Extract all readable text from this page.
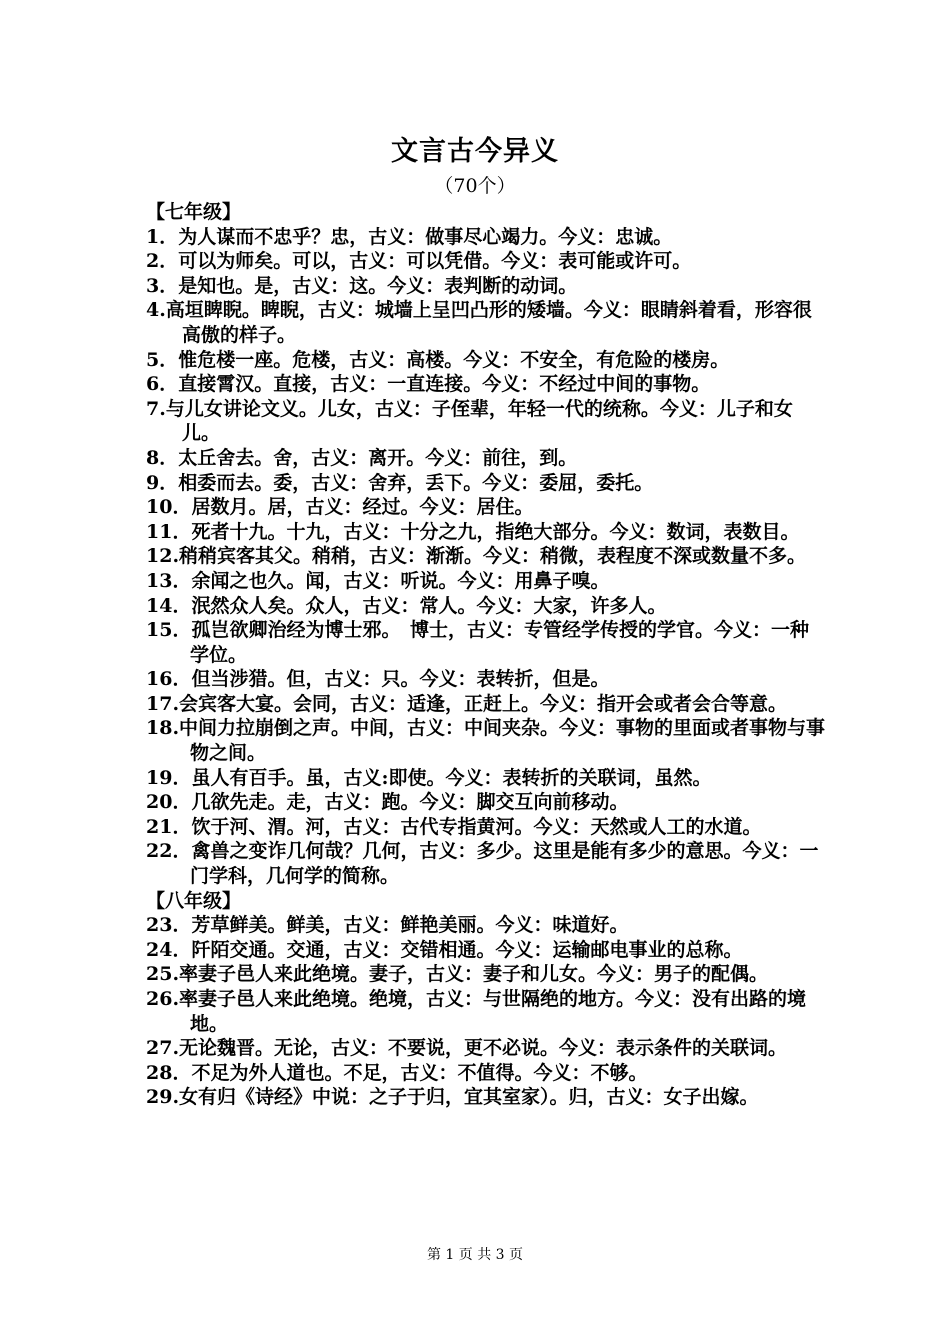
文言古今异义
（70个）
【七年级】
1．为人谋而不忠乎？忠，古义：做事尽心竭力。今义：忠诚。
2．可以为师矣。可以，古义：可以凭借。今义：表可能或许可。
3．是知也。是，古义：这。今义：表判断的动词。
4.高垣睥睨。睥睨，古义：城墙上呈凹凸形的矮墙。今义：眼睛斜着看，形容很高傲的样子。
5．惟危楼一座。危楼，古义：高楼。今义：不安全，有危险的楼房。
6．直接霄汉。直接，古义：一直连接。今义：不经过中间的事物。
7.与儿女讲论文义。儿女，古义：子侄辈，年轻一代的统称。今义：儿子和女儿。
8．太丘舍去。舍，古义：离开。今义：前往，到。
9．相委而去。委，古义：舍弃，丢下。今义：委屈，委托。
10．居数月。居，古义：经过。今义：居住。
11．死者十九。十九，古义：十分之九，指绝大部分。今义：数词，表数目。
12.稍稍宾客其父。稍稍，古义：渐渐。今义：稍微，表程度不深或数量不多。
13．余闻之也久。闻，古义：听说。今义：用鼻子嗅。
14．泯然众人矣。众人，古义：常人。今义：大家，许多人。
15．孤岂欲卿治经为博士邪。　博士，古义：专管经学传授的学官。今义：一种学位。
16．但当涉猎。但，古义：只。今义：表转折，但是。
17.会宾客大宴。会同，古义：适逢，正赶上。今义：指开会或者会合等意。
18.中间力拉崩倒之声。中间，古义：中间夹杂。今义：事物的里面或者事物与事物之间。
19．虽人有百手。虽，古义:即使。今义：表转折的关联词，虽然。
20．几欲先走。走，古义：跑。今义：脚交互向前移动。
21．饮于河、渭。河，古义：古代专指黄河。今义：天然或人工的水道。
22．禽兽之变诈几何哉？几何，古义：多少。这里是能有多少的意思。今义：一门学科，几何学的简称。
【八年级】
23．芳草鲜美。鲜美，古义：鲜艳美丽。今义：味道好。
24．阡陌交通。交通，古义：交错相通。今义：运输邮电事业的总称。
25.率妻子邑人来此绝境。妻子，古义：妻子和儿女。今义：男子的配偶。
26.率妻子邑人来此绝境。绝境，古义：与世隔绝的地方。今义：没有出路的境地。
27.无论魏晋。无论，古义：不要说，更不必说。今义：表示条件的关联词。
28．不足为外人道也。不足，古义：不值得。今义：不够。
29.女有归《诗经》中说：之子于归，宜其室家）。归，古义：女子出嫁。
第 1 页 共 3 页
